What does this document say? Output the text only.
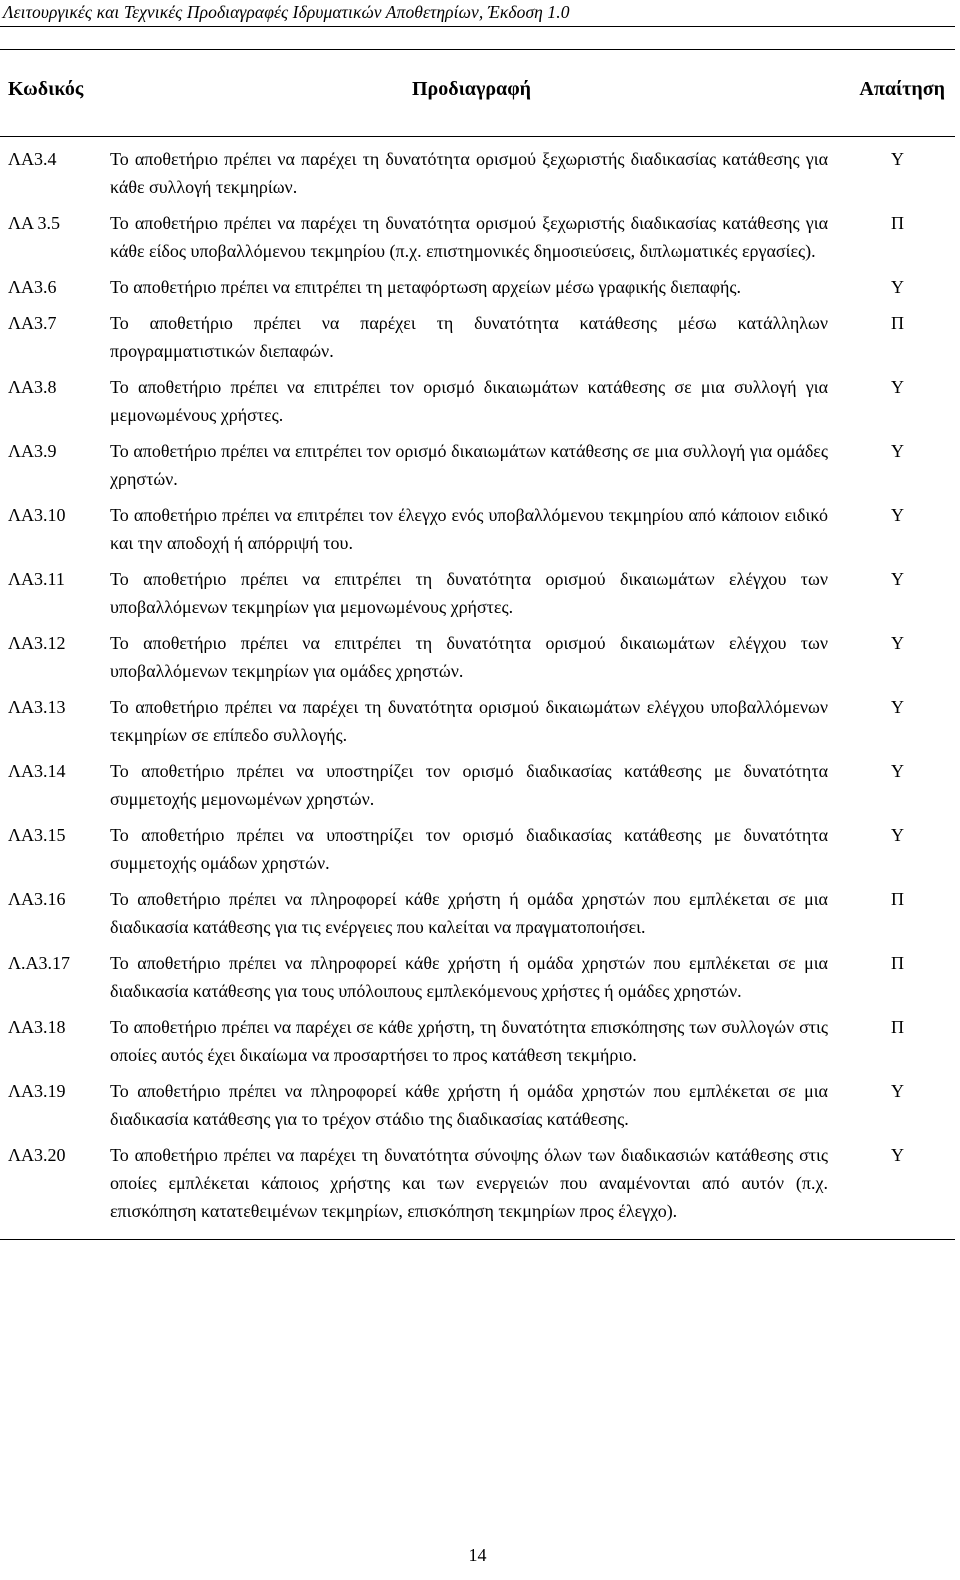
Λειτουργικές και Τεχνικές Προδιαγραφές Ιδρυματικών Αποθετηρίων, Έκδοση 1.0
Κωδικός	Προδιαγραφή	Απαίτηση
ΛΑ3.4	Το αποθετήριο πρέπει να παρέχει τη δυνατότητα ορισμού ξεχωριστής διαδικασίας κατάθεσης για κάθε συλλογή τεκμηρίων.	Υ
ΛΑ 3.5	Το αποθετήριο πρέπει να παρέχει τη δυνατότητα ορισμού ξεχωριστής διαδικασίας κατάθεσης για κάθε είδος υποβαλλόμενου τεκμηρίου (π.χ. επιστημονικές δημοσιεύσεις, διπλωματικές εργασίες).	Π
ΛΑ3.6	Το αποθετήριο πρέπει να επιτρέπει τη μεταφόρτωση αρχείων μέσω γραφικής διεπαφής.	Υ
ΛΑ3.7	Το αποθετήριο πρέπει να παρέχει τη δυνατότητα κατάθεσης μέσω κατάλληλων προγραμματιστικών διεπαφών.	Π
ΛΑ3.8	Το αποθετήριο πρέπει να επιτρέπει τον ορισμό δικαιωμάτων κατάθεσης σε μια συλλογή για μεμονωμένους χρήστες.	Υ
ΛΑ3.9	Το αποθετήριο πρέπει να επιτρέπει τον ορισμό δικαιωμάτων κατάθεσης σε μια συλλογή για ομάδες χρηστών.	Υ
ΛΑ3.10	Το αποθετήριο πρέπει να επιτρέπει τον έλεγχο ενός υποβαλλόμενου τεκμηρίου από κάποιον ειδικό και την αποδοχή ή απόρριψή του.	Υ
ΛΑ3.11	Το αποθετήριο πρέπει να επιτρέπει τη δυνατότητα ορισμού δικαιωμάτων ελέγχου των υποβαλλόμενων τεκμηρίων για μεμονωμένους χρήστες.	Υ
ΛΑ3.12	Το αποθετήριο πρέπει να επιτρέπει τη δυνατότητα ορισμού δικαιωμάτων ελέγχου των υποβαλλόμενων τεκμηρίων για ομάδες χρηστών.	Υ
ΛΑ3.13	Το αποθετήριο πρέπει να παρέχει τη δυνατότητα ορισμού δικαιωμάτων ελέγχου υποβαλλόμενων τεκμηρίων σε επίπεδο συλλογής.	Υ
ΛΑ3.14	Το αποθετήριο πρέπει να υποστηρίζει τον ορισμό διαδικασίας κατάθεσης με δυνατότητα συμμετοχής μεμονωμένων χρηστών.	Υ
ΛΑ3.15	Το αποθετήριο πρέπει να υποστηρίζει τον ορισμό διαδικασίας κατάθεσης με δυνατότητα συμμετοχής ομάδων χρηστών.	Υ
ΛΑ3.16	Το αποθετήριο πρέπει να πληροφορεί κάθε χρήστη ή ομάδα χρηστών που εμπλέκεται σε μια διαδικασία κατάθεσης για τις ενέργειες που καλείται να πραγματοποιήσει.	Π
Λ.Α3.17	Το αποθετήριο πρέπει να πληροφορεί κάθε χρήστη ή ομάδα χρηστών που εμπλέκεται σε μια διαδικασία κατάθεσης για τους υπόλοιπους εμπλεκόμενους χρήστες ή ομάδες χρηστών.	Π
ΛΑ3.18	Το αποθετήριο πρέπει να παρέχει σε κάθε χρήστη, τη δυνατότητα επισκόπησης των συλλογών στις οποίες αυτός έχει δικαίωμα να προσαρτήσει το προς κατάθεση τεκμήριο.	Π
ΛΑ3.19	Το αποθετήριο πρέπει να πληροφορεί κάθε χρήστη ή ομάδα χρηστών που εμπλέκεται σε μια διαδικασία κατάθεσης για το τρέχον στάδιο της διαδικασίας κατάθεσης.	Υ
ΛΑ3.20	Το αποθετήριο πρέπει να παρέχει τη δυνατότητα σύνοψης όλων των διαδικασιών κατάθεσης στις οποίες εμπλέκεται κάποιος χρήστης και των ενεργειών που αναμένονται από αυτόν (π.χ. επισκόπηση κατατεθειμένων τεκμηρίων, επισκόπηση τεκμηρίων προς έλεγχο).	Υ
14
